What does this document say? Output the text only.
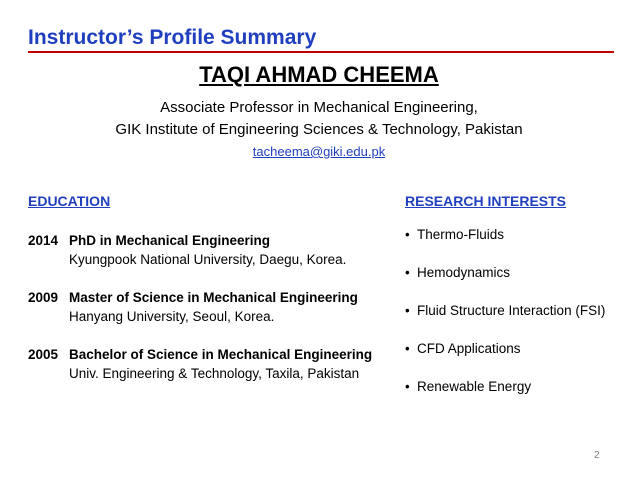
Instructor’s Profile Summary
TAQI AHMAD CHEEMA
Associate Professor in Mechanical Engineering,
GIK Institute of Engineering Sciences & Technology, Pakistan
tacheema@giki.edu.pk
EDUCATION
2014 PhD in Mechanical Engineering
Kyungpook National University, Daegu, Korea.
2009 Master of Science in Mechanical Engineering
Hanyang University, Seoul, Korea.
2005 Bachelor of Science in Mechanical Engineering
Univ. Engineering & Technology, Taxila, Pakistan
RESEARCH INTERESTS
• Thermo-Fluids
• Hemodynamics
• Fluid Structure Interaction (FSI)
• CFD Applications
• Renewable Energy
2
